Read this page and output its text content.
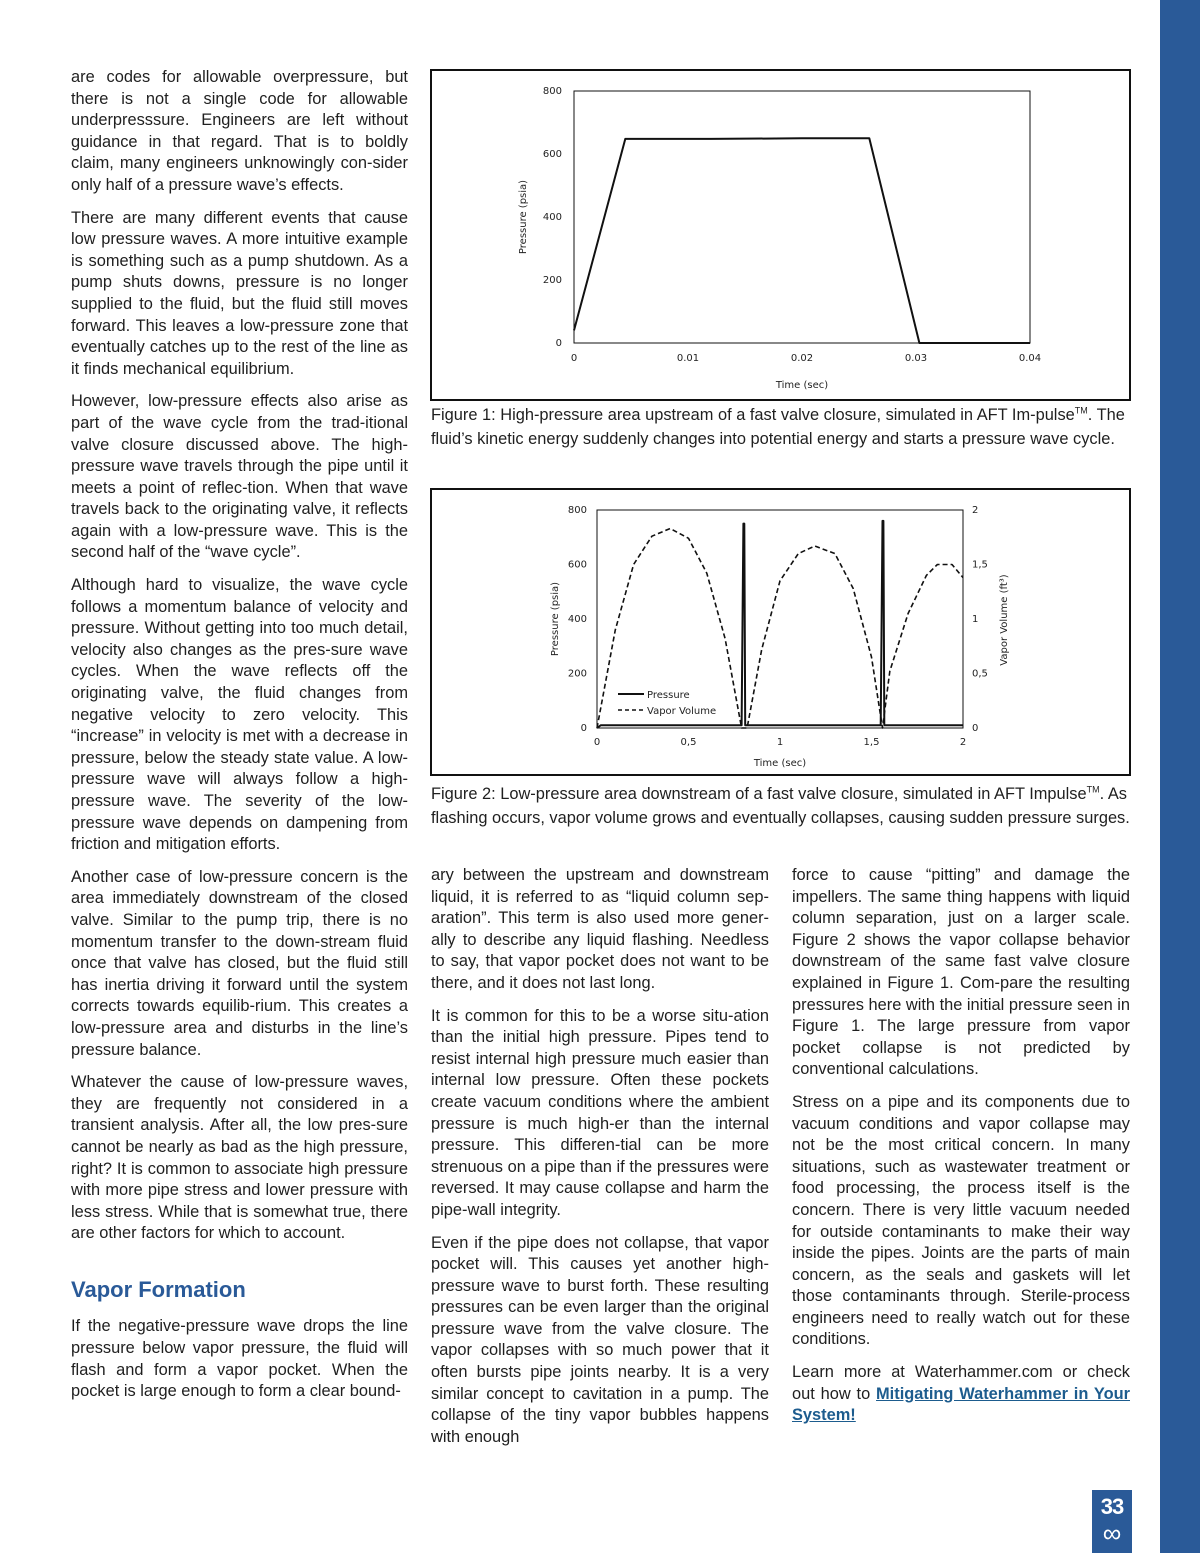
are codes for allowable overpressure, but there is not a single code for allowable underpresssure. Engineers are left without guidance in that regard. That is to boldly claim, many engineers unknowingly con-sider only half of a pressure wave’s effects.

There are many different events that cause low pressure waves. A more intuitive example is something such as a pump shutdown. As a pump shuts downs, pressure is no longer supplied to the fluid, but the fluid still moves forward. This leaves a low-pressure zone that eventually catches up to the rest of the line as it finds mechanical equilibrium.

However, low-pressure effects also arise as part of the wave cycle from the trad-itional valve closure discussed above. The high-pressure wave travels through the pipe until it meets a point of reflec-tion. When that wave travels back to the originating valve, it reflects again with a low-pressure wave. This is the second half of the “wave cycle”.

Although hard to visualize, the wave cycle follows a momentum balance of velocity and pressure. Without getting into too much detail, velocity also changes as the pres-sure wave cycles. When the wave reflects off the originating valve, the fluid changes from negative velocity to zero velocity. This “increase” in velocity is met with a decrease in pressure, below the steady state value. A low-pressure wave will always follow a high-pressure wave. The severity of the low-pressure wave depends on dampening from friction and mitigation efforts.

Another case of low-pressure concern is the area immediately downstream of the closed valve. Similar to the pump trip, there is no momentum transfer to the down-stream fluid once that valve has closed, but the fluid still has inertia driving it forward until the system corrects towards equilib-rium. This creates a low-pressure area and disturbs in the line’s pressure balance.

Whatever the cause of low-pressure waves, they are frequently not considered in a transient analysis. After all, the low pres-sure cannot be nearly as bad as the high pressure, right? It is common to associate high pressure with more pipe stress and lower pressure with less stress. While that is somewhat true, there are other factors for which to account.

Vapor Formation

If the negative-pressure wave drops the line pressure below vapor pressure, the fluid will flash and form a vapor pocket. When the pocket is large enough to form a clear bound-

0
200
400
600
800
0	0.01	0.02	0.03	0.04
Pressure (psia)
Time (sec)
Figure 1: High-pressure area upstream of a fast valve closure, simulated in AFT Im-pulse™. The fluid’s kinetic energy suddenly changes into potential energy and starts a pressure wave cycle.
0
200
400
600
800
0
0,5
1
1,5
2
0	0,5	1	1,5	2
Pressure (psia)	Vapor Volume (ft³)
Time (sec)
Pressure
Vapor Volume
Figure 2: Low-pressure area downstream of a fast valve closure, simulated in AFT Impulse™. As flashing occurs, vapor volume grows and eventually collapses, causing sudden pressure surges.

ary between the upstream and downstream liquid, it is referred to as “liquid column sep-aration”. This term is also used more gener-ally to describe any liquid flashing. Needless to say, that vapor pocket does not want to be there, and it does not last long.

It is common for this to be a worse situ-ation than the initial high pressure. Pipes tend to resist internal high pressure much easier than internal low pressure. Often these pockets create vacuum conditions where the ambient pressure is much high-er than the internal pressure. This differen-tial can be more strenuous on a pipe than if the pressures were reversed. It may cause collapse and harm the pipe-wall integrity.

Even if the pipe does not collapse, that vapor pocket will. This causes yet another high-pressure wave to burst forth. These resulting pressures can be even larger than the original pressure wave from the valve closure. The vapor collapses with so much power that it often bursts pipe joints nearby. It is a very similar concept to cavitation in a pump. The collapse of the tiny vapor bubbles happens with enough

force to cause “pitting” and damage the impellers. The same thing happens with liquid column separation, just on a larger scale. Figure 2 shows the vapor collapse behavior downstream of the same fast valve closure explained in Figure 1. Com-pare the resulting pressures here with the initial pressure seen in Figure 1. The large pressure from vapor pocket collapse is not predicted by conventional calculations.

Stress on a pipe and its components due to vacuum conditions and vapor collapse may not be the most critical concern. In many situations, such as wastewater treatment or food processing, the process itself is the concern. There is very little vacuum needed for outside contaminants to make their way inside the pipes. Joints are the parts of main concern, as the seals and gaskets will let those contaminants through. Sterile-process engineers need to really watch out for these conditions.

Learn more at Waterhammer.com or check out how to Mitigating Waterhammer in Your System!

33
∞
